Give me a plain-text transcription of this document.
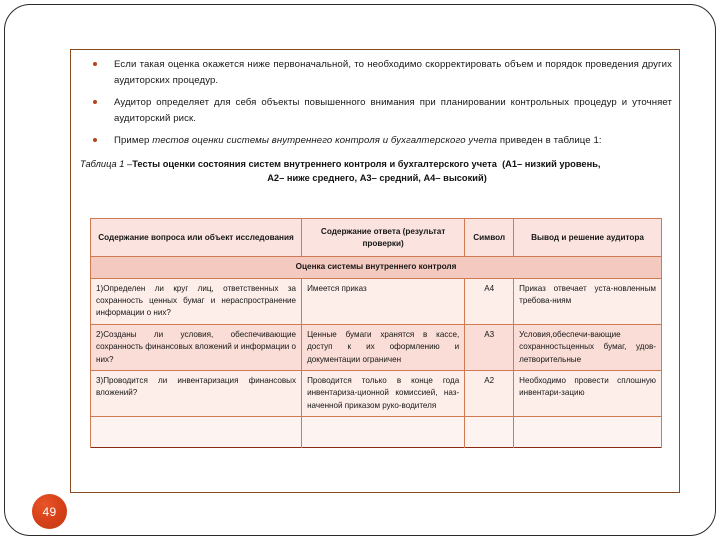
Если такая оценка окажется ниже первоначальной, то необходимо скорректировать объем и порядок проведения других аудиторских процедур.
Аудитор определяет для себя объекты повышенного внимания при планировании контрольных процедур и уточняет аудиторский риск.
Пример тестов оценки системы внутреннего контроля и бухгалтерского учета приведен в таблице 1:
Таблица 1 –Тесты оценки состояния систем внутреннего контроля и бухгалтерского учета (А1– низкий уровень,
А2– ниже среднего, А3– средний, А4– высокий)
Содержание вопроса или объект исследования	Содержание ответа (результат проверки)	Символ	Вывод и решение аудитора
Оценка системы внутреннего контроля			
1)Определен ли круг лиц, ответственных за сохранность ценных бумаг и нераспространение информации о них?	Имеется приказ	А4	Приказ отвечает уста-новленным требова-ниям
2)Созданы ли условия, обеспечивающие сохранность финансовых вложений и информации о них?	Ценные бумаги хранятся в кассе, доступ к их оформлению и документации ограничен	А3	Условия,обеспечи-вающие сохранностьценных бумаг, удов-летворительные
3)Проводится ли инвентаризация финансовых вложений?	Проводится только в конце года инвентариза-ционной комиссией, наз-наченной приказом руко-водителя	А2	Необходимо провести сплошную инвентари-зацию

49
